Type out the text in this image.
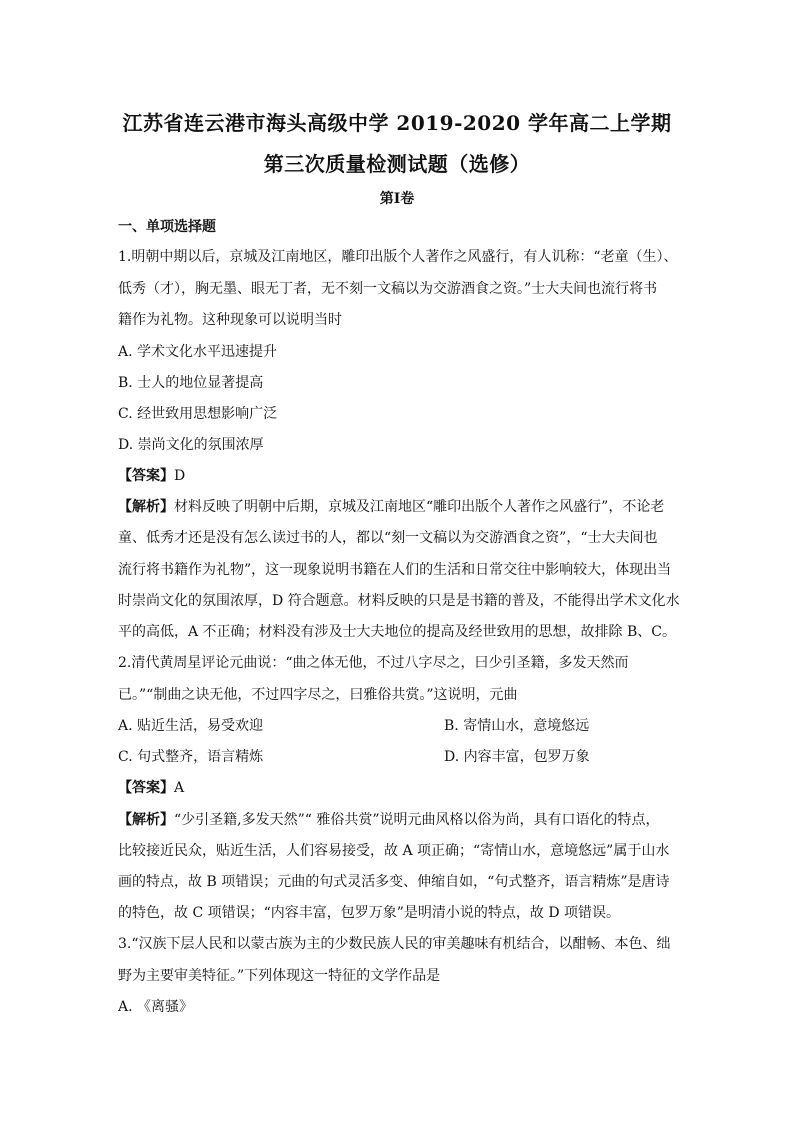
江苏省连云港市海头高级中学 2019-2020 学年高二上学期
第三次质量检测试题（选修）
第Ⅰ卷
一、单项选择题
1.明朝中期以后，京城及江南地区，雕印出版个人著作之风盛行，有人讥称：“老童（生）、
低秀（才），胸无墨、眼无丁者，无不刻一文稿以为交游酒食之资。”士大夫间也流行将书
籍作为礼物。这种现象可以说明当时
A. 学术文化水平迅速提升
B. 士人的地位显著提高
C. 经世致用思想影响广泛
D. 崇尚文化的氛围浓厚
【答案】D
【解析】材料反映了明朝中后期，京城及江南地区“雕印出版个人著作之风盛行”，不论老
童、低秀才还是没有怎么读过书的人，都以“刻一文稿以为交游酒食之资”，“士大夫间也
流行将书籍作为礼物”，这一现象说明书籍在人们的生活和日常交往中影响较大，体现出当
时崇尚文化的氛围浓厚，D 符合题意。材料反映的只是是书籍的普及，不能得出学术文化水
平的高低，A 不正确；材料没有涉及士大夫地位的提高及经世致用的思想，故排除 B、C。
2.清代黄周星评论元曲说：“曲之体无他，不过八字尽之，曰少引圣籍，多发天然而
已。”“制曲之诀无他，不过四字尽之，曰雅俗共赏。”这说明，元曲
A. 贴近生活，易受欢迎	B. 寄情山水，意境悠远
C. 句式整齐，语言精炼	D. 内容丰富，包罗万象
【答案】A
【解析】“少引圣籍,多发天然”“ 雅俗共赏”说明元曲风格以俗为尚，具有口语化的特点，
比较接近民众，贴近生活，人们容易接受，故 A 项正确；“寄情山水，意境悠远”属于山水
画的特点，故 B 项错误；元曲的句式灵活多变、伸缩自如，“句式整齐，语言精炼”是唐诗
的特色，故 C 项错误；“内容丰富，包罗万象”是明清小说的特点，故 D 项错误。
3.“汉族下层人民和以蒙古族为主的少数民族人民的审美趣味有机结合，以酣畅、本色、绌
野为主要审美特征。”下列体现这一特征的文学作品是
A. 《离骚》
